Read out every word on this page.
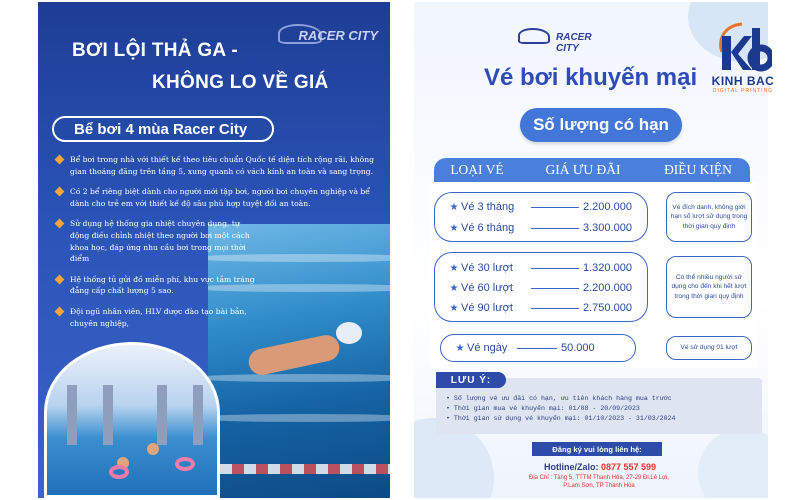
RACER CITY
BƠI LỘI THẢ GA -
KHÔNG LO VỀ GIÁ
Bể bơi 4 mùa Racer City
Bể bơi trong nhà với thiết kế theo tiêu chuẩn Quốc tế diện tích rộng rãi, không gian thoáng đãng trên tầng 5, xung quanh có vách kính an toàn và sang trọng.
Có 2 bể riêng biệt dành cho người mới tập bơi, người bơi chuyên nghiệp và bể dành cho trẻ em với thiết kế độ sâu phù hợp tuyệt đối an toàn.
Sử dụng hệ thống gia nhiệt chuyên dụng, tự động điều chỉnh nhiệt theo người bơi một cách khoa học, đáp ứng nhu cầu bơi trong mọi thời điểm
Hệ thống tủ gửi đồ miễn phí, khu vực tắm tráng đẳng cấp chất lượng 5 sao.
Đội ngũ nhân viên, HLV được đào tạo bài bản, chuyên nghiệp,
RACER CITY
Vé bơi khuyến mại
Số lượng có hạn
LOẠI VÉ	GIÁ ƯU ĐÃI	ĐIỀU KIỆN
★ Vé 3 tháng	2.200.000
★ Vé 6 tháng	3.300.000
Vé đích danh, không giới hạn số lượt sử dụng trong thời gian quy định
★ Vé 30 lượt	1.320.000
★ Vé 60 lượt	2.200.000
★ Vé 90 lượt	2.750.000
Có thể nhiều người sử dụng cho đến khi hết lượt trong thời gian quy định
★ Vé ngày	50.000	Vé sử dụng 01 lượt
LƯU Ý:
• Số lượng vé ưu đãi có hạn, ưu tiên khách hàng mua trước
• Thời gian mua vé khuyến mại: 01/08 - 20/09/2023
• Thời gian sử dụng vé khuyến mại: 01/10/2023 - 31/03/2024
Đăng ký vui lòng liên hệ:
Hotline/Zalo: 0877 557 599
Địa Chỉ : Tầng 5, TTTM Thanh Hóa, 27-29 Đl.Lê Lợi,
P.Lam Sơn, TP Thanh Hóa
KINH BAC
DIGITAL PRINTING
